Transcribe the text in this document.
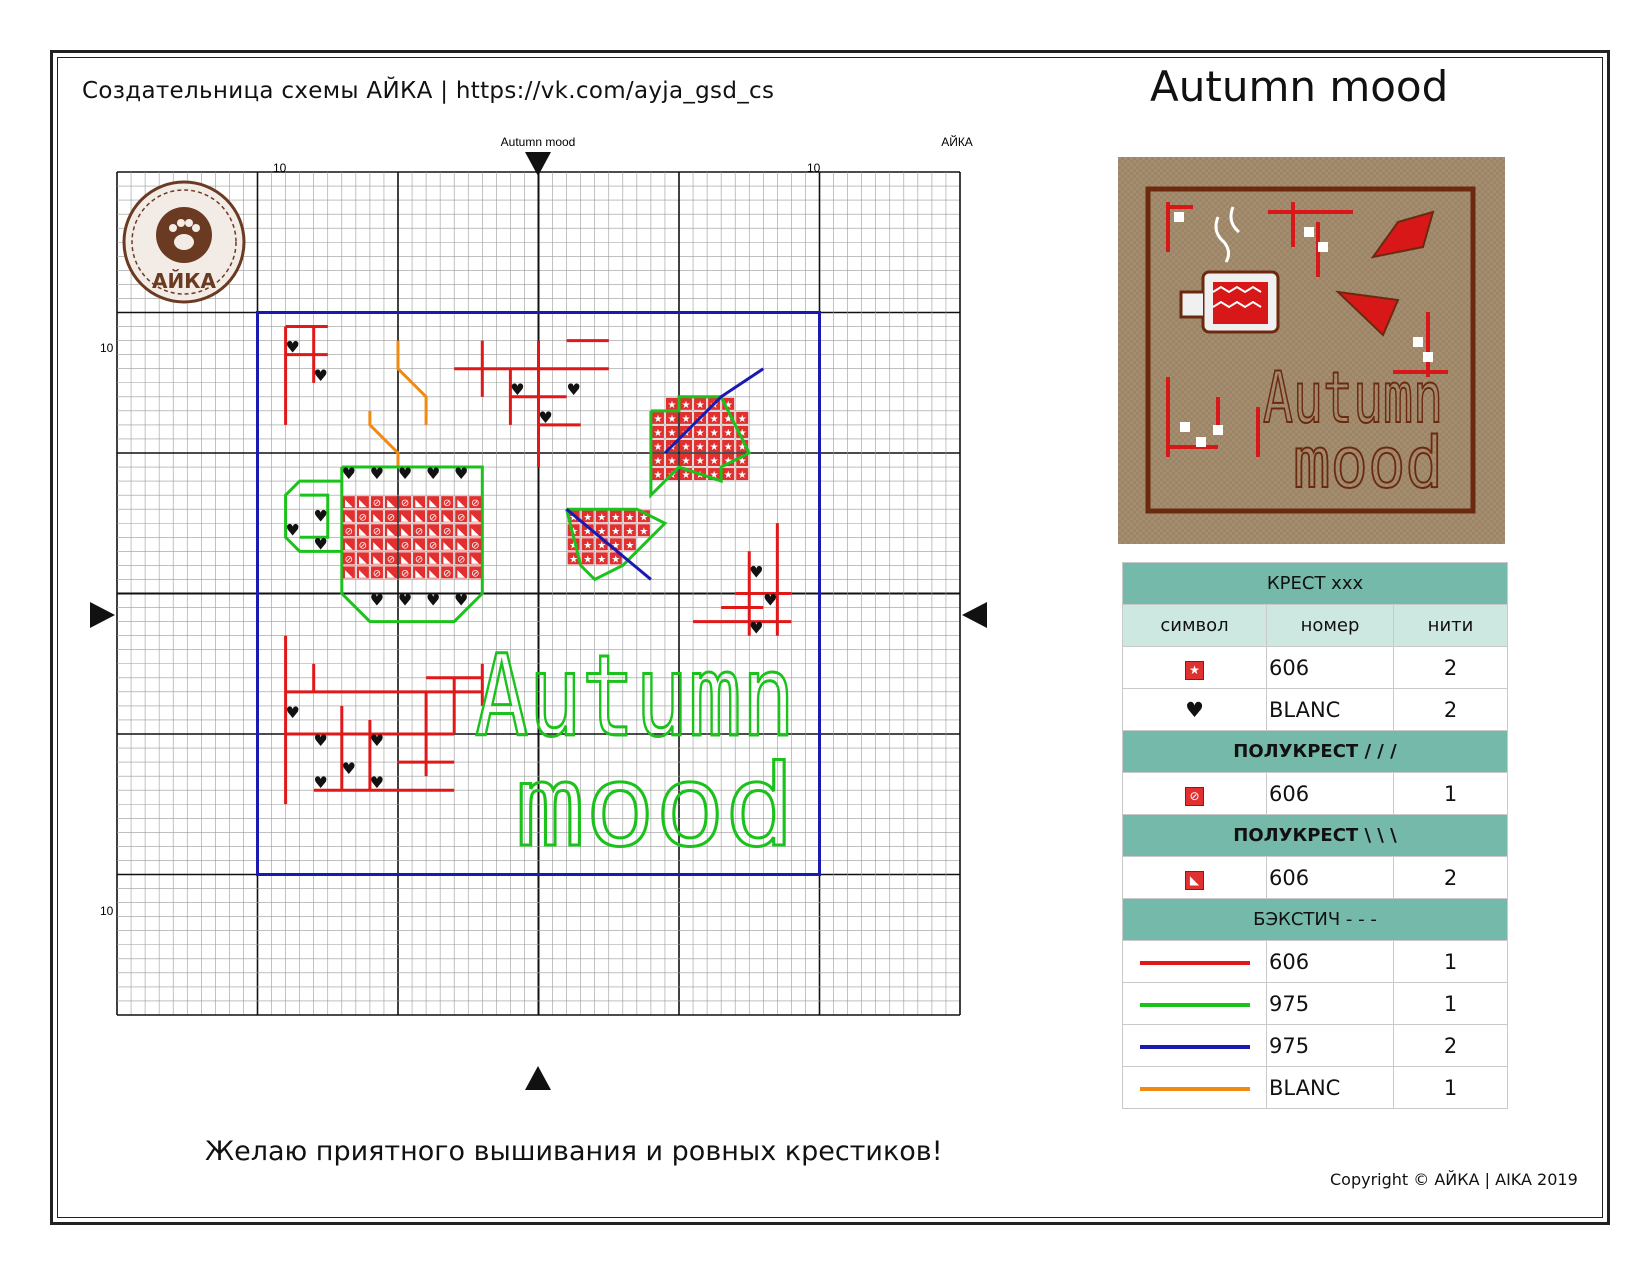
Создательница схемы АЙКА | https://vk.com/ayja_gsd_cs	Autumn mood
Autumn mood	АЙКА
10	10
10
10
АЙКА
♥
♥
♥	♥
♥
♥ ♥ ♥ ♥ ♥
♥
♥
♥
♥ ♥ ♥ ♥
◣ ◣ ⊘ ◣ ⊘ ◣ ◣ ⊘ ◣ ⊘
◣ ⊘ ◣ ⊘ ◣ ◣ ⊘ ◣ ⊘ ◣
⊘ ◣ ⊘ ◣ ◣ ⊘ ◣ ⊘ ◣ ◣
◣ ⊘ ◣ ◣ ⊘ ◣ ⊘ ◣ ◣ ⊘
⊘ ◣ ◣ ⊘ ◣ ⊘ ◣ ◣ ⊘ ◣
◣ ◣ ⊘ ◣ ⊘ ◣ ◣ ⊘ ◣ ⊘
★ ★ ★ ★ ★
★ ★ ★ ★ ★ ★ ★
★ ★ ★ ★ ★ ★ ★
★ ★ ★ ★ ★ ★ ★
★ ★ ★ ★ ★ ★ ★
★ ★ ★ ★ ★ ★ ★
★ ★ ★ ★ ★ ★
★ ★ ★ ★ ★ ★
★ ★ ★ ★ ★
★ ★ ★ ★
♥
♥
♥
♥
♥
♥
♥
♥	♥
Autumn
mood
Autumn
mood
КРЕСТ xxx		
символ	номер	нити
★	606	2
♥	BLANC	2
ПОЛУКРЕСТ / / /		
⊘	606	1
ПОЛУКРЕСТ \ \ \		
◣	606	2
БЭКСТИЧ - - -		
	606	1
	975	1
	975	2
	BLANC	1
Желаю приятного вышивания и ровных крестиков!
Copyright © АЙКА | AIKA 2019
